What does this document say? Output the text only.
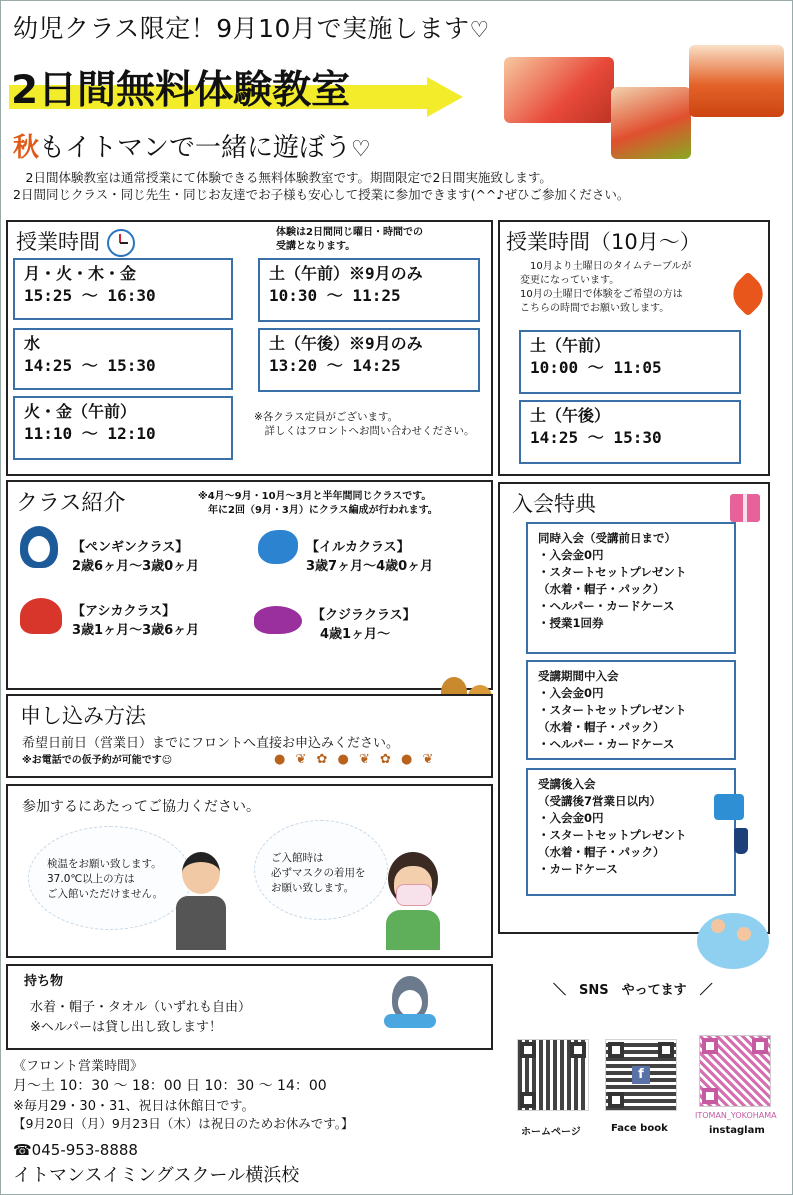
幼児クラス限定！9月10月で実施します♡
2日間無料体験教室
秋もイトマンで一緒に遊ぼう♡
　2日間体験教室は通常授業にて体験できる無料体験教室です。期間限定で2日間実施致します。
2日間同じクラス・同じ先生・同じお友達でお子様も安心して授業に参加できます(^^♪ぜひご参加ください。
授業時間	体験は2日間同じ曜日・時間での
受講となります。
月・火・木・金
15:25 ～ 16:30
水
14:25 ～ 15:30
火・金（午前）
11:10 ～ 12:10
土（午前）※9月のみ
10:30 ～ 11:25
土（午後）※9月のみ
13:20 ～ 14:25
※各クラス定員がございます。
　詳しくはフロントへお問い合わせください。
授業時間（10月～）
　10月より土曜日のタイムテーブルが
変更になっています。
10月の土曜日で体験をご希望の方は
こちらの時間でお願い致します。
土（午前）
10:00 ～ 11:05
土（午後）
14:25 ～ 15:30
クラス紹介	※4月～9月・10月～3月と半年間同じクラスです。
年に2回（9月・3月）にクラス編成が行われます。
【ペンギンクラス】
2歳6ヶ月～3歳0ヶ月
【イルカクラス】
3歳7ヶ月～4歳0ヶ月
【アシカクラス】
3歳1ヶ月～3歳6ヶ月
【クジラクラス】
4歳1ヶ月～
申し込み方法
希望日前日（営業日）までにフロントへ直接お申込みください。
※お電話での仮予約が可能です☺	● ❦ ✿ ● ❦ ✿ ● ❦
参加するにあたってご協力ください。
検温をお願い致します。
37.0℃以上の方は
ご入館いただけません。
ご入館時は
必ずマスクの着用を
お願い致します。
持ち物
水着・帽子・タオル（いずれも自由）
※ヘルパーは貸し出し致します！
入会特典
同時入会（受講前日まで）
・入会金0円
・スタートセットプレゼント
（水着・帽子・パック）
・ヘルパー・カードケース
・授業1回券
受講期間中入会
・入会金0円
・スタートセットプレゼント
（水着・帽子・パック）
・ヘルパー・カードケース
受講後入会
（受講後7営業日以内）
・入会金0円
・スタートセットプレゼント
（水着・帽子・パック）
・カードケース
＼　SNS　やってます　／
ホームページ
f
Face book
ITOMAN_YOKOHAMA
instaglam
《フロント営業時間》
月～土 10：30 ～ 18：00 日 10：30 ～ 14：00
※毎月29・30・31、祝日は休館日です。
【9月20日（月）9月23日（木）は祝日のためお休みです。】
☎045-953-8888
イトマンスイミングスクール横浜校
